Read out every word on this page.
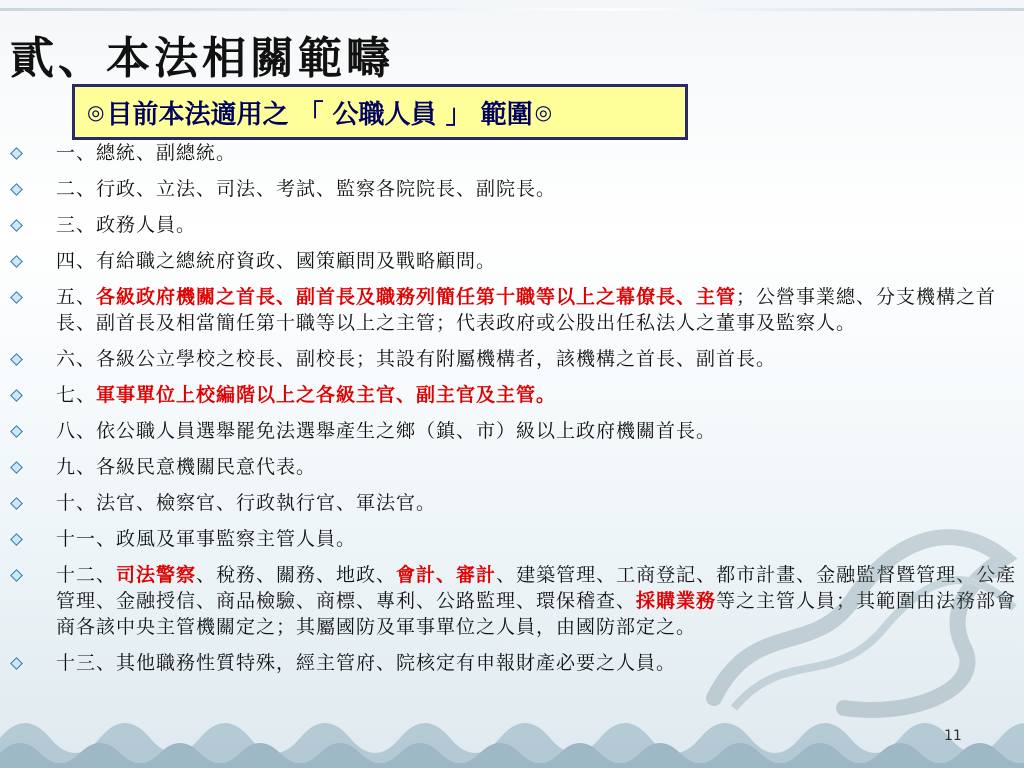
貳、本法相關範疇
◎ 目前本法適用之 「 公職人員 」 範圍 ◎
一、總統、副總統。
二、行政、立法、司法、考試、監察各院院長、副院長。
三、政務人員。
四、有給職之總統府資政、國策顧問及戰略顧問。
五、各級政府機關之首長、副首長及職務列簡任第十職等以上之幕僚長、主管；公營事業總、分支機構之首長、副首長及相當簡任第十職等以上之主管；代表政府或公股出任私法人之董事及監察人。
六、各級公立學校之校長、副校長；其設有附屬機構者，該機構之首長、副首長。
七、軍事單位上校編階以上之各級主官、副主官及主管。
八、依公職人員選舉罷免法選舉產生之鄉（鎮、市）級以上政府機關首長。
九、各級民意機關民意代表。
十、法官、檢察官、行政執行官、軍法官。
十一、政風及軍事監察主管人員。
十二、司法警察、稅務、關務、地政、會計、審計、建築管理、工商登記、都市計畫、金融監督暨管理、公產管理、金融授信、商品檢驗、商標、專利、公路監理、環保稽查、採購業務等之主管人員；其範圍由法務部會商各該中央主管機關定之；其屬國防及軍事單位之人員，由國防部定之。
十三、其他職務性質特殊，經主管府、院核定有申報財產必要之人員。
11
